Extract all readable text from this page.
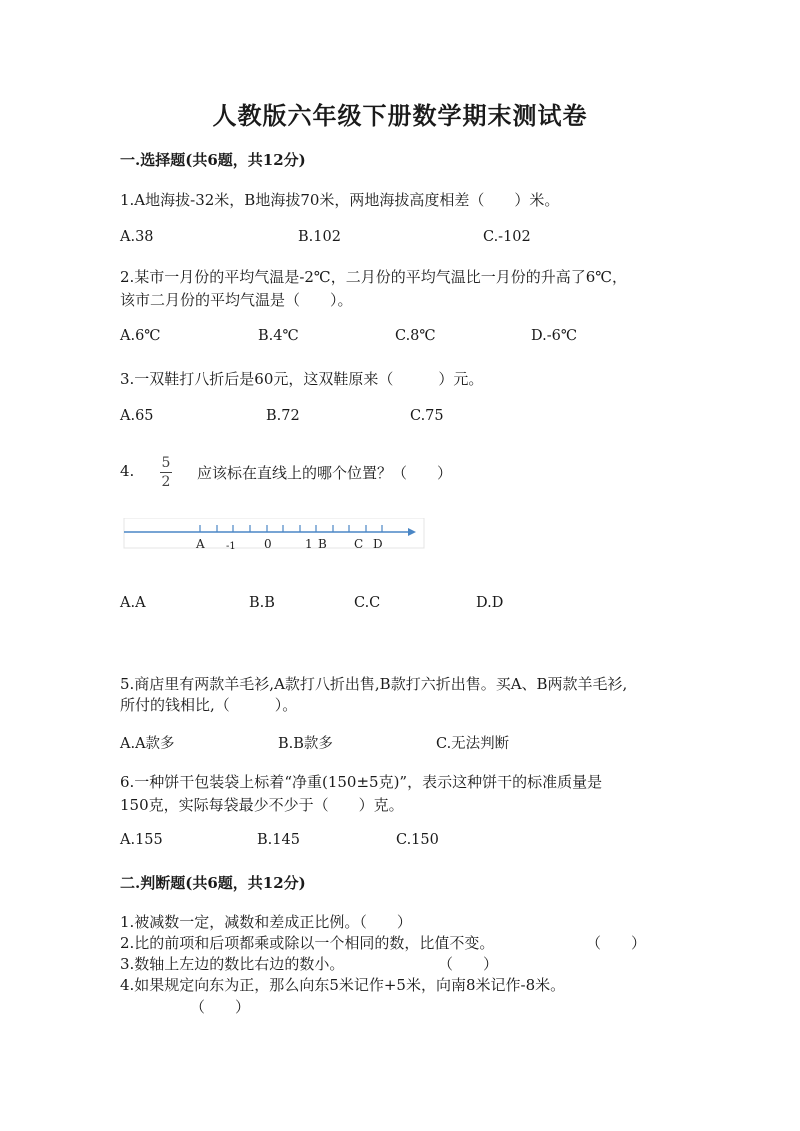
人教版六年级下册数学期末测试卷
一.选择题(共6题，共12分)
1.A地海拔-32米，B地海拔70米，两地海拔高度相差（　　）米。
A.38	B.102	C.-102
2.某市一月份的平均气温是-2℃，二月份的平均气温比一月份的升高了6℃，
该市二月份的平均气温是（　　）。
A.6℃	B.4℃	C.8℃	D.-6℃
3.一双鞋打八折后是60元，这双鞋原来（　　　）元。
A.65	B.72	C.75
4.	5
2	应该标在直线上的哪个位置？（　　）
A -1 0	1 B C D
A.A	B.B	C.C	D.D
5.商店里有两款羊毛衫,A款打八折出售,B款打六折出售。买A、B两款羊毛衫,
所付的钱相比,（　　　）。
A.A款多	B.B款多	C.无法判断
6.一种饼干包装袋上标着“净重(150±5克)”，表示这种饼干的标准质量是
150克，实际每袋最少不少于（　　）克。
A.155	B.145	C.150
二.判断题(共6题，共12分)
1.被减数一定，减数和差成正比例。（　　）
2.比的前项和后项都乘或除以一个相同的数，比值不变。	（　　）
3.数轴上左边的数比右边的数小。	（　　）
4.如果规定向东为正，那么向东5米记作+5米，向南8米记作-8米。
（　　）
